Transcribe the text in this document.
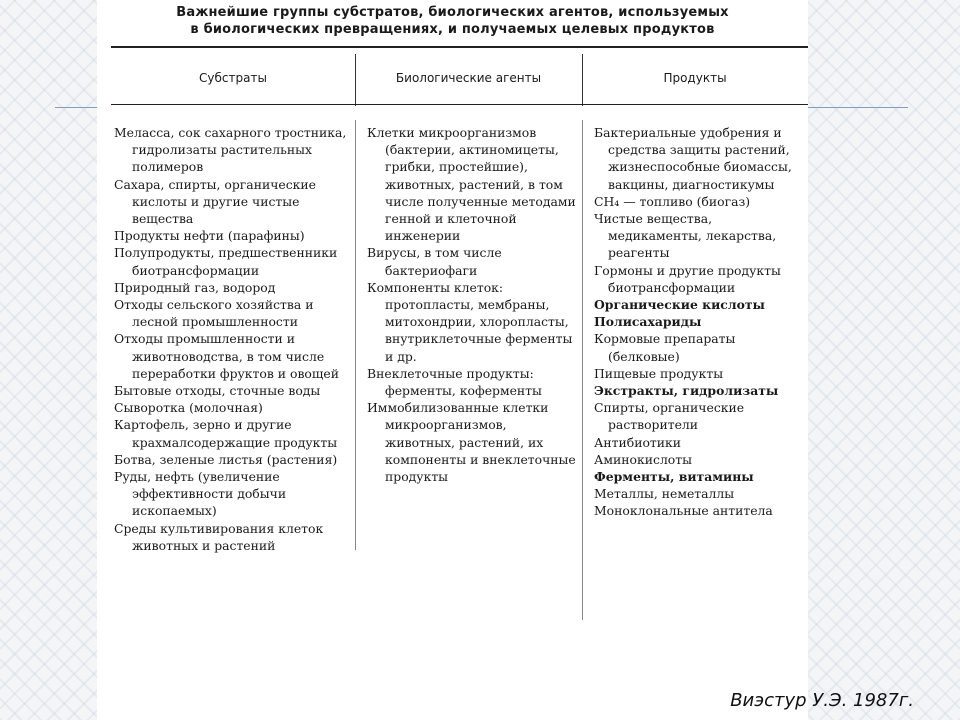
Важнейшие группы субстратов, биологических агентов, используемых
в биологических превращениях, и получаемых целевых продуктов
Субстраты	Биологические агенты	Продукты

Меласса, сок сахарного тростника, гидролизаты растительных полимеров

Сахара, спирты, органические кислоты и другие чистые вещества

Продукты нефти (парафины)

Полупродукты, предшественники биотрансформации

Природный газ, водород

Отходы сельского хозяйства и лесной промышленности

Отходы промышленности и животноводства, в том числе переработки фруктов и овощей

Бытовые отходы, сточные воды

Сыворотка (молочная)

Картофель, зерно и другие крахмалсодержащие продукты

Ботва, зеленые листья (растения)

Руды, нефть (увеличение эффективности добычи ископаемых)

Среды культивирования клеток животных и растений

Клетки микроорганизмов (бактерии, актиномицеты, грибки, простейшие), животных, растений, в том числе полученные методами генной и клеточной инженерии

Вирусы, в том числе бактериофаги

Компоненты клеток: протопласты, мембраны, митохондрии, хлоропласты, внутриклеточные ферменты и др.

Внеклеточные продукты: ферменты, коферменты

Иммобилизованные клетки микроорганизмов, животных, растений, их компоненты и внеклеточные продукты

Бактериальные удобрения и средства защиты растений, жизнеспособные биомассы, вакцины, диагностикумы

CH₄ — топливо (биогаз)

Чистые вещества, медикаменты, лекарства, реагенты

Гормоны и другие продукты биотрансформации

Органические кислоты

Полисахариды

Кормовые препараты (белковые)

Пищевые продукты

Экстракты, гидролизаты

Спирты, органические растворители

Антибиотики

Аминокислоты

Ферменты, витамины

Металлы, неметаллы

Моноклональные антитела

Виэстур У.Э. 1987г.
